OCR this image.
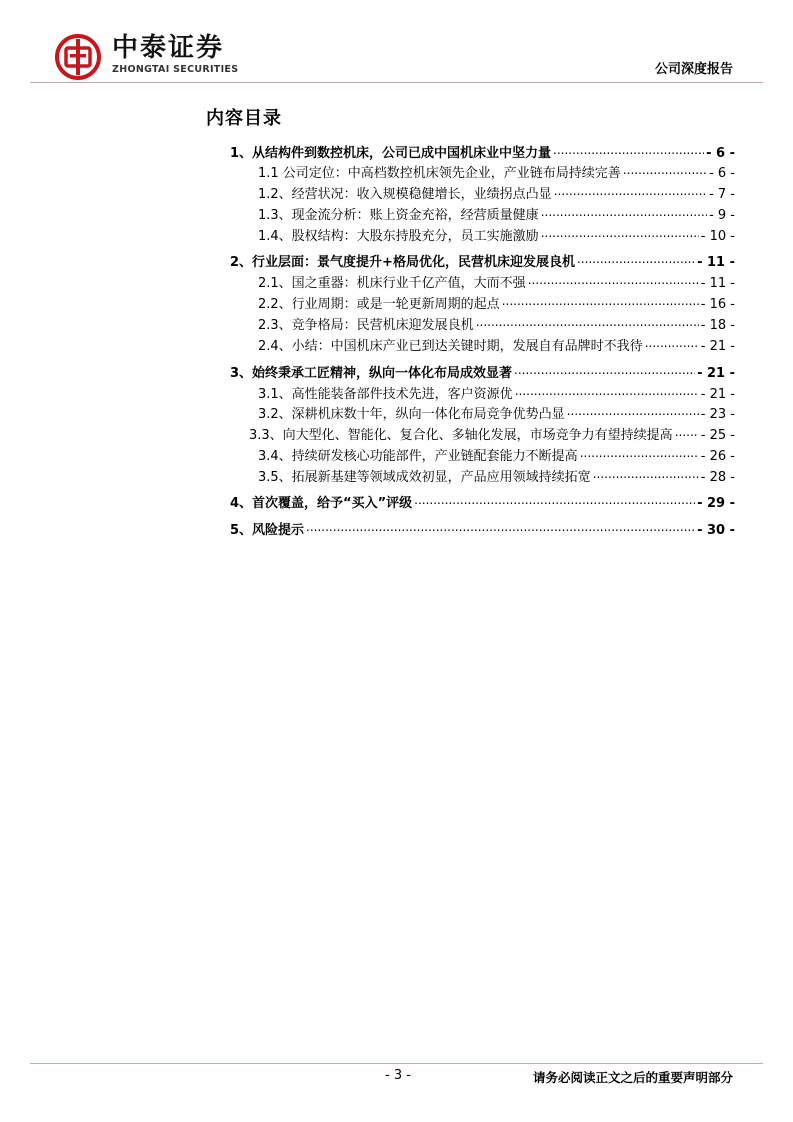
中泰证券
ZHONGTAI SECURITIES	公司深度报告
内容目录
1、从结构件到数控机床，公司已成中国机床业中坚力量 .....	- 6 -
1.1 公司定位：中高档数控机床领先企业，产业链布局持续完善 .....	- 6 -
1.2、经营状况：收入规模稳健增长，业绩拐点凸显 .....	- 7 -
1.3、现金流分析：账上资金充裕，经营质量健康 .....	- 9 -
1.4、股权结构：大股东持股充分，员工实施激励 .....	- 10 -
2、行业层面：景气度提升+格局优化，民营机床迎发展良机 .....	- 11 -
2.1、国之重器：机床行业千亿产值，大而不强 .....	- 11 -
2.2、行业周期：或是一轮更新周期的起点 .....	- 16 -
2.3、竞争格局：民营机床迎发展良机 .....	- 18 -
2.4、小结：中国机床产业已到达关键时期，发展自有品牌时不我待 .....	- 21 -
3、始终秉承工匠精神，纵向一体化布局成效显著 .....	- 21 -
3.1、高性能装备部件技术先进，客户资源优 .....	- 21 -
3.2、深耕机床数十年，纵向一体化布局竞争优势凸显 .....	- 23 -
3.3、向大型化、智能化、复合化、多轴化发展，市场竞争力有望持续提高 ..... - 25 -
3.4、持续研发核心功能部件，产业链配套能力不断提高 .....	- 26 -
3.5、拓展新基建等领域成效初显，产品应用领域持续拓宽 .....	- 28 -
4、首次覆盖，给予“买入”评级 .....	- 29 -
5、风险提示 .....	- 30 -
- 3 -	请务必阅读正文之后的重要声明部分
